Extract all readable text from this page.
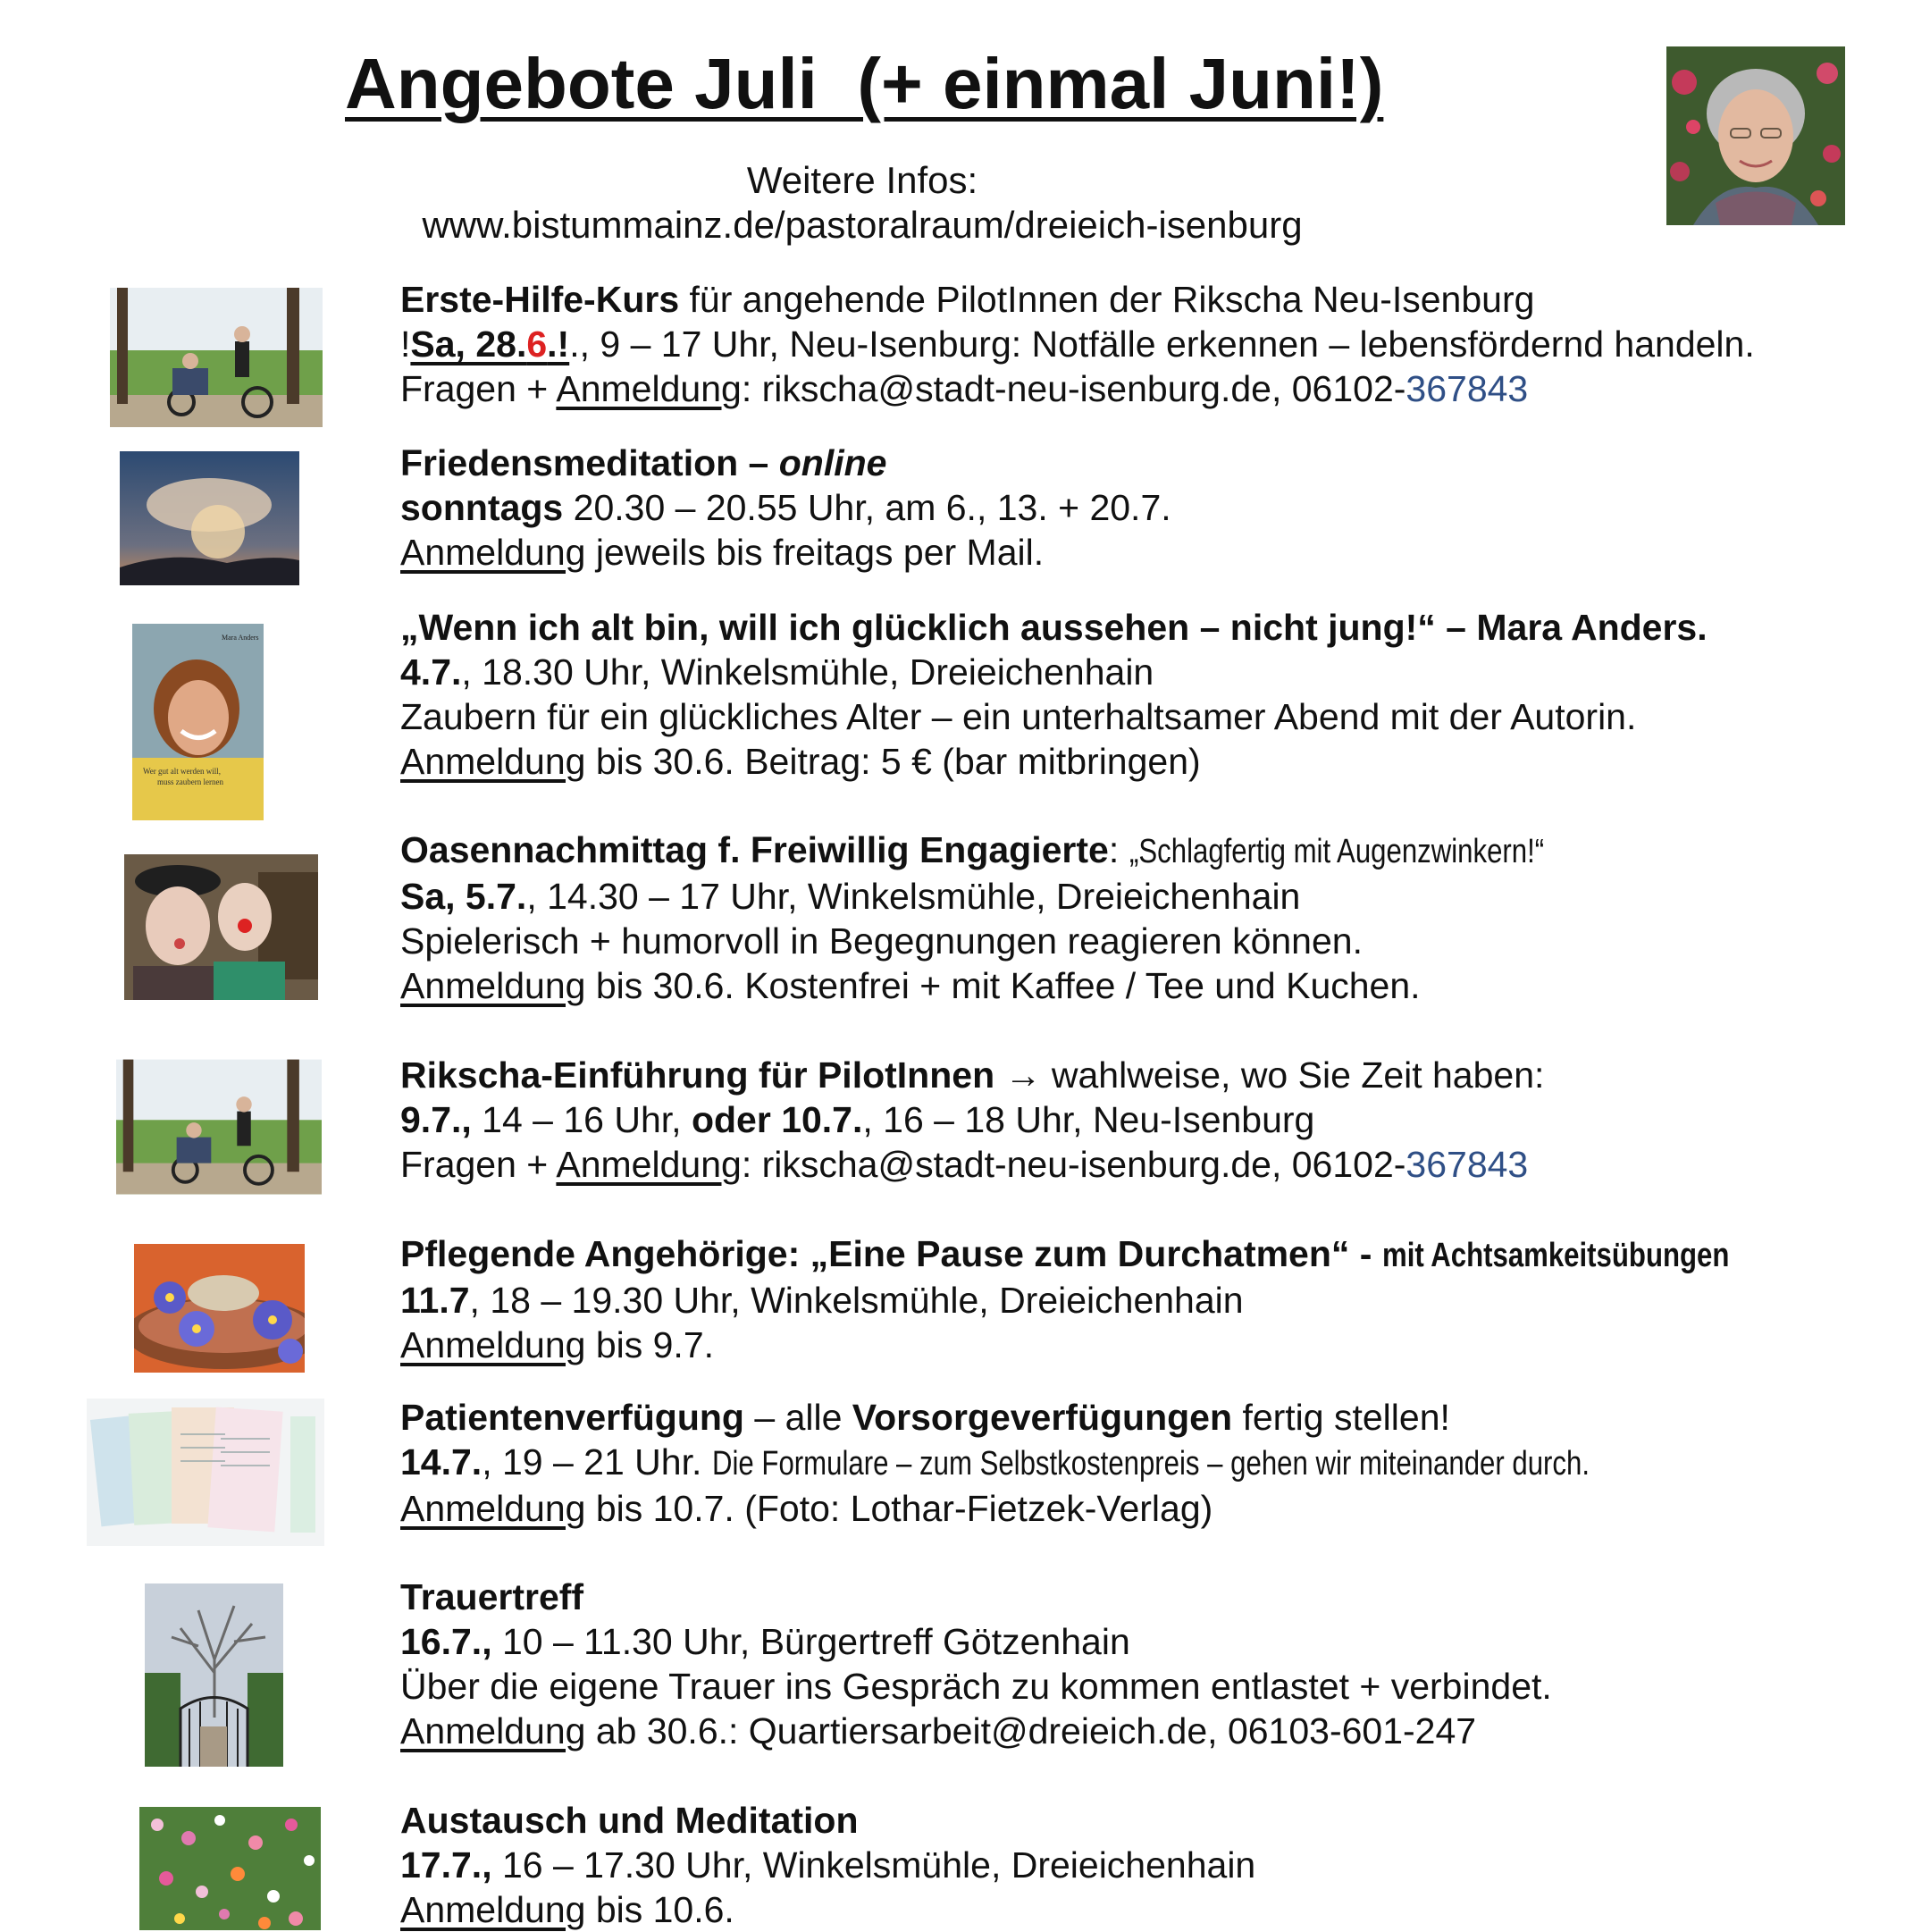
Angebote Juli  (+ einmal Juni!)
Weitere Infos:
www.bistummainz.de/pastoralraum/dreieich-isenburg
Erste-Hilfe-Kurs für angehende PilotInnen der Rikscha Neu-Isenburg
!Sa, 28.6.!., 9 – 17 Uhr, Neu-Isenburg: Notfälle erkennen – lebensfördernd handeln.
Fragen + Anmeldung: rikscha@stadt-neu-isenburg.de, 06102-367843
Friedensmeditation – online
sonntags 20.30 – 20.55 Uhr, am 6., 13. + 20.7.
Anmeldung jeweils bis freitags per Mail.
Mara Anders
Wer gut alt werden will,
muss zaubern lernen
„Wenn ich alt bin, will ich glücklich aussehen – nicht jung!“ – Mara Anders.
4.7., 18.30 Uhr, Winkelsmühle, Dreieichenhain
Zaubern für ein glückliches Alter – ein unterhaltsamer Abend mit der Autorin.
Anmeldung bis 30.6. Beitrag: 5 € (bar mitbringen)
Oasennachmittag f. Freiwillig Engagierte: „Schlagfertig mit Augenzwinkern!“
Sa, 5.7., 14.30 – 17 Uhr, Winkelsmühle, Dreieichenhain
Spielerisch + humorvoll in Begegnungen reagieren können.
Anmeldung bis 30.6. Kostenfrei + mit Kaffee / Tee und Kuchen.
Rikscha-Einführung für PilotInnen → wahlweise, wo Sie Zeit haben:
9.7., 14 – 16 Uhr, oder 10.7., 16 – 18 Uhr, Neu-Isenburg
Fragen + Anmeldung: rikscha@stadt-neu-isenburg.de, 06102-367843
Pflegende Angehörige: „Eine Pause zum Durchatmen“ - mit Achtsamkeitsübungen
11.7, 18 – 19.30 Uhr, Winkelsmühle, Dreieichenhain
Anmeldung bis 9.7.
Patientenverfügung – alle Vorsorgeverfügungen fertig stellen!
14.7., 19 – 21 Uhr. Die Formulare – zum Selbstkostenpreis – gehen wir miteinander durch.
Anmeldung bis 10.7. (Foto: Lothar-Fietzek-Verlag)
Trauertreff
16.7., 10 – 11.30 Uhr, Bürgertreff Götzenhain
Über die eigene Trauer ins Gespräch zu kommen entlastet + verbindet.
Anmeldung ab 30.6.: Quartiersarbeit@dreieich.de, 06103-601-247
Austausch und Meditation
17.7., 16 – 17.30 Uhr, Winkelsmühle, Dreieichenhain
Anmeldung bis 10.6.
